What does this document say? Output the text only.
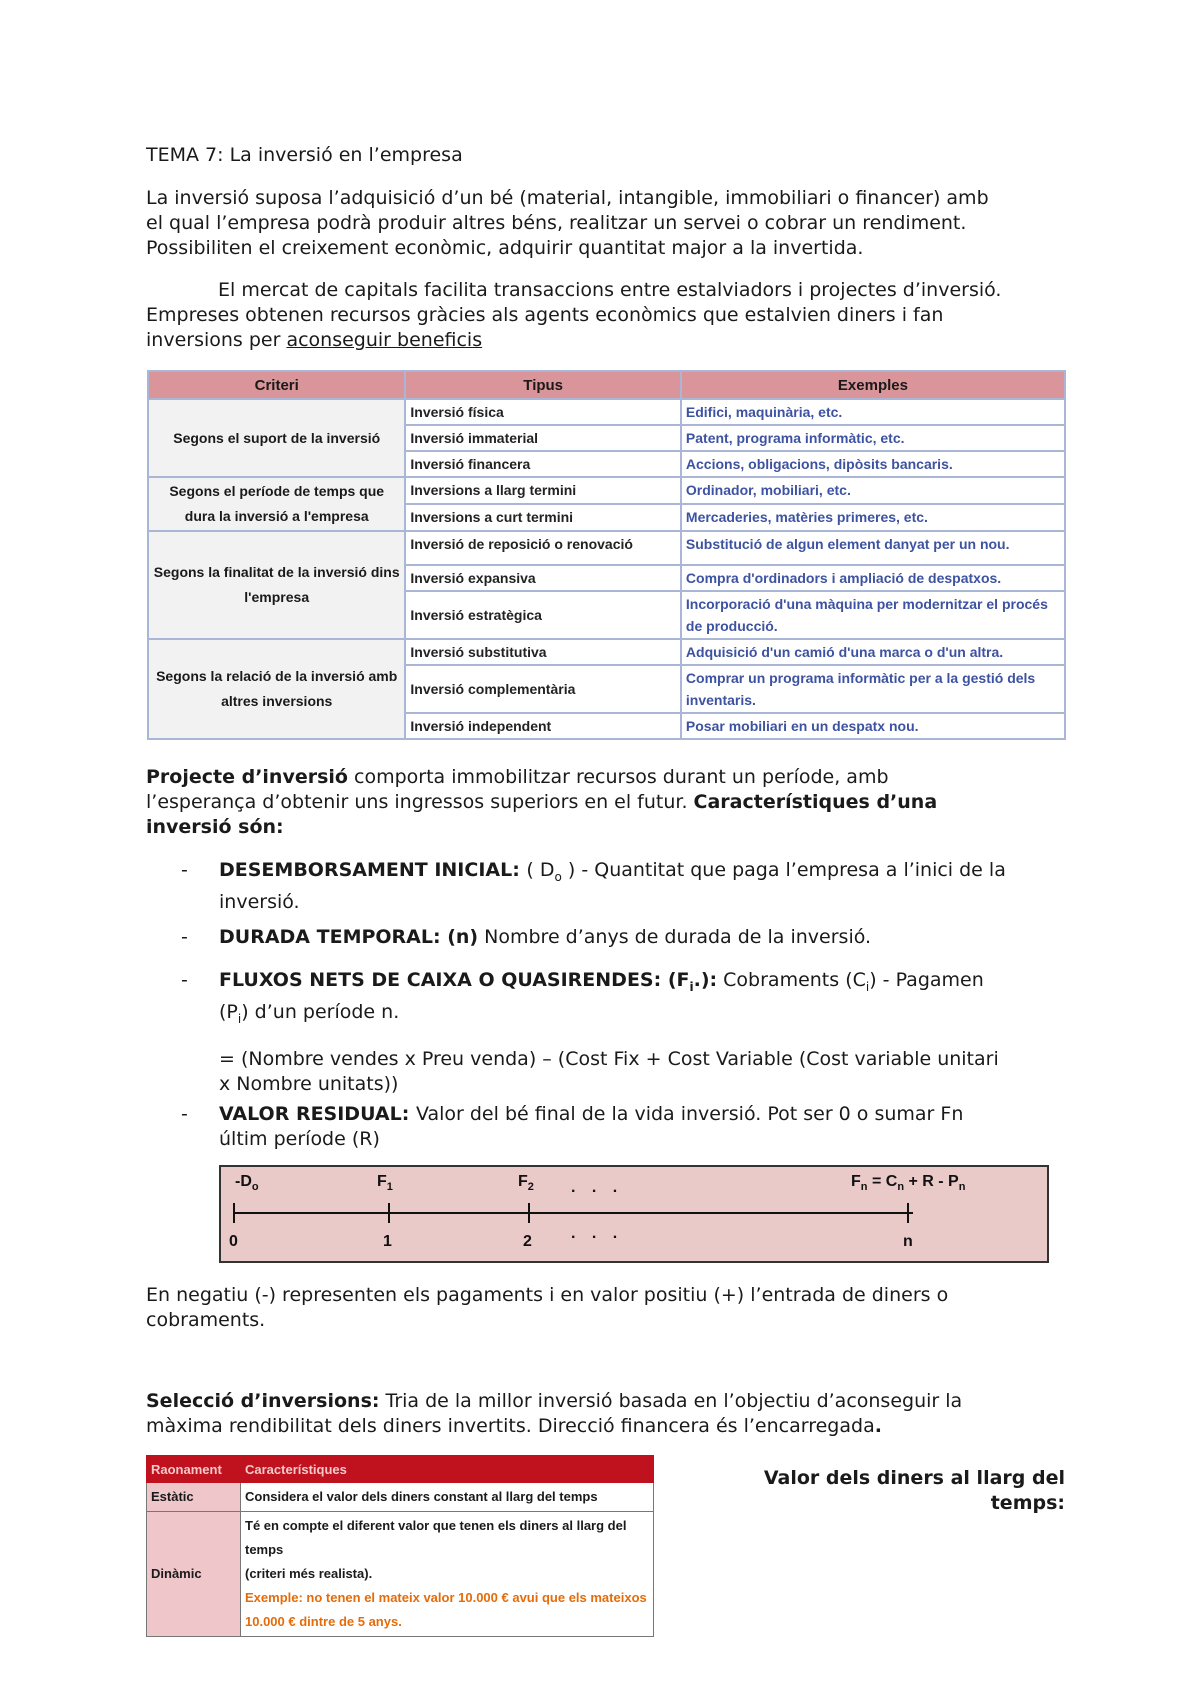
TEMA 7: La inversió en l’empresa
La inversió suposa l’adquisició d’un bé (material, intangible, immobiliari o financer) amb
el qual l’empresa podrà produir altres béns, realitzar un servei o cobrar un rendiment.
Possibiliten el creixement econòmic, adquirir quantitat major a la invertida.
El mercat de capitals facilita transaccions entre estalviadors i projectes d’inversió.
Empreses obtenen recursos gràcies als agents econòmics que estalvien diners i fan
inversions per aconseguir beneficis
Criteri	Tipus	Exemples
Segons el suport de la inversió	Inversió física	Edifici, maquinària, etc.
	Inversió immaterial	Patent, programa informàtic, etc.
	Inversió financera	Accions, obligacions, dipòsits bancaris.
Segons el període de temps que dura la inversió a l'empresa	Inversions a llarg termini	Ordinador, mobiliari, etc.
	Inversions a curt termini	Mercaderies, matèries primeres, etc.
Segons la finalitat de la inversió dins l'empresa	Inversió de reposició o renovació	Substitució de algun element danyat per un nou.
	Inversió expansiva	Compra d'ordinadors i ampliació de despatxos.
	Inversió estratègica	Incorporació d'una màquina per modernitzar el procés de producció.
Segons la relació de la inversió amb altres inversions	Inversió substitutiva	Adquisició d'un camió d'una marca o d'un altra.
	Inversió complementària	Comprar un programa informàtic per a la gestió dels inventaris.
	Inversió independent	Posar mobiliari en un despatx nou.
Projecte d’inversió comporta immobilitzar recursos durant un període, amb
l’esperança d’obtenir uns ingressos superiors en el futur. Característiques d’una
inversió són:
-	DESEMBORSAMENT INICIAL: ( $D_o$ ) - Quantitat que paga l’empresa a l’inici de la
inversió.
-	DURADA TEMPORAL: (n) Nombre d’anys de durada de la inversió.
-	FLUXOS NETS DE CAIXA O QUASIRENDES: $(F_i.)$: Cobraments $(C_i)$ - Pagamen
$(P_i)$ d’un període n.
= (Nombre vendes x Preu venda) – (Cost Fix + Cost Variable (Cost variable unitari
x Nombre unitats))
-	VALOR RESIDUAL: Valor del bé final de la vida inversió. Pot ser 0 o sumar Fn
últim període (R)
$-D_o$	$F_1$	$F_2$ . . .	$F_n = C_n + R - P_n$
0	1	2 . . .	n
En negatiu (-) representen els pagaments i en valor positiu (+) l’entrada de diners o
cobraments.
Selecció d’inversions: Tria de la millor inversió basada en l’objectiu d’aconseguir la
màxima rendibilitat dels diners invertits. Direcció financera és l’encarregada.
Raonament	Característiques
Estàtic	Considera el valor dels diners constant al llarg del temps
Dinàmic	Té en compte el diferent valor que tenen els diners al llarg del temps
(criteri més realista).
Exemple: no tenen el mateix valor 10.000 € avui que els mateixos
10.000 € dintre de 5 anys.
Valor dels diners al llarg del
temps:
